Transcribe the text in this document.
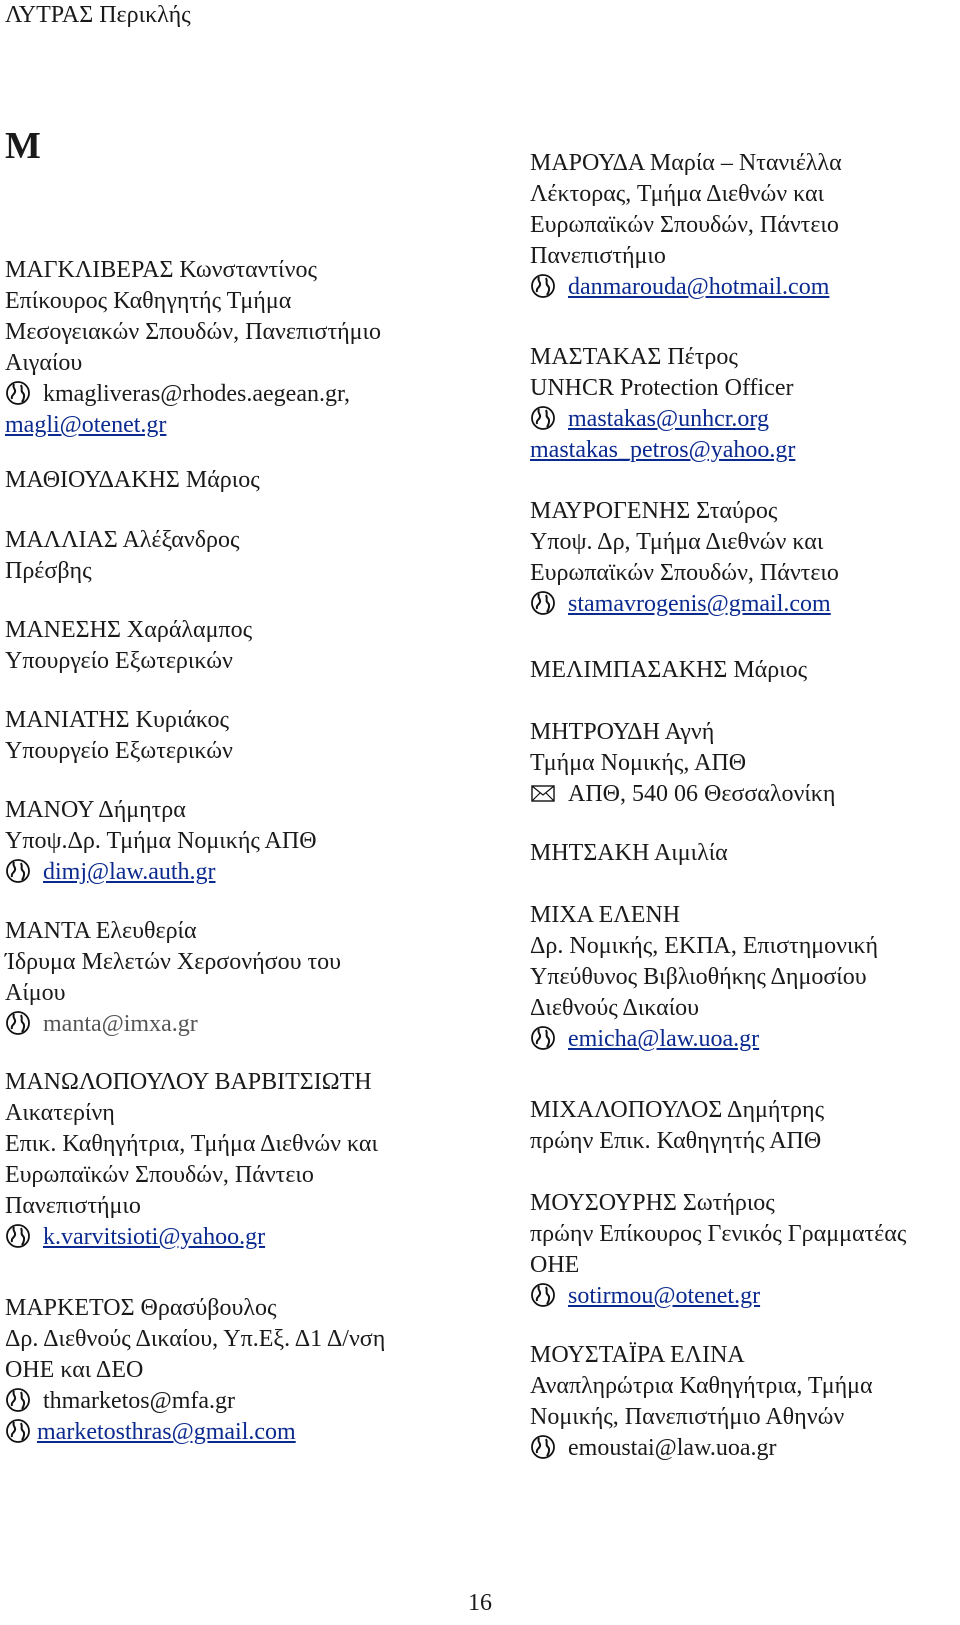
ΛΥΤΡΑΣ Περικλής
M
ΜΑΓΚΛΙΒΕΡΑΣ Κωνσταντίνος
Επίκουρος Καθηγητής Τμήμα
Μεσογειακών Σπουδών, Πανεπιστήμιο
Αιγαίου
kmagliveras@rhodes.aegean.gr,
magli@otenet.gr
ΜΑΘΙΟΥΔΑΚΗΣ Μάριος
ΜΑΛΛΙΑΣ Αλέξανδρος
Πρέσβης
ΜΑΝΕΣΗΣ Χαράλαμπος
Υπουργείο Εξωτερικών
ΜΑΝΙΑΤΗΣ Κυριάκος
Υπουργείο Εξωτερικών
ΜΑΝΟΥ Δήμητρα
Υποψ.Δρ. Τμήμα Νομικής ΑΠΘ
dimj@law.auth.gr
ΜΑΝΤΑ Ελευθερία
Ίδρυμα Μελετών Χερσονήσου του
Αίμου
manta@imxa.gr
ΜΑΝΩΛΟΠΟΥΛΟΥ ΒΑΡΒΙΤΣΙΩΤΗ
Αικατερίνη
Επικ. Καθηγήτρια, Τμήμα Διεθνών και
Ευρωπαϊκών Σπουδών, Πάντειο
Πανεπιστήμιο
k.varvitsioti@yahoo.gr
ΜΑΡΚΕΤΟΣ Θρασύβουλος
Δρ. Διεθνούς Δικαίου, Υπ.Εξ. Δ1 Δ/νση
ΟΗΕ και ΔΕΟ
thmarketos@mfa.gr
marketosthras@gmail.com
ΜΑΡΟΥΔΑ Μαρία – Ντανιέλλα
Λέκτορας, Τμήμα Διεθνών και
Ευρωπαϊκών Σπουδών, Πάντειο
Πανεπιστήμιο
danmarouda@hotmail.com
ΜΑΣΤΑΚΑΣ Πέτρος
UNHCR Protection Officer
mastakas@unhcr.org
mastakas_petros@yahoo.gr
ΜΑΥΡΟΓΕΝΗΣ Σταύρος
Υποψ. Δρ, Τμήμα Διεθνών και
Ευρωπαϊκών Σπουδών, Πάντειο
stamavrogenis@gmail.com
ΜΕΛΙΜΠΑΣΑΚΗΣ Μάριος
ΜΗΤΡΟΥΔΗ Αγνή
Τμήμα Νομικής, ΑΠΘ
ΑΠΘ, 540 06 Θεσσαλονίκη
ΜΗΤΣΑΚΗ Αιμιλία
ΜΙΧΑ ΕΛΕΝΗ
Δρ. Νομικής, ΕΚΠΑ, Επιστημονική
Υπεύθυνος Βιβλιοθήκης Δημοσίου
Διεθνούς Δικαίου
emicha@law.uoa.gr
ΜΙΧΑΛΟΠΟΥΛΟΣ Δημήτρης
πρώην Επικ. Καθηγητής ΑΠΘ
ΜΟΥΣΟΥΡΗΣ Σωτήριος
πρώην Επίκουρος Γενικός Γραμματέας
ΟΗΕ
sotirmou@otenet.gr
ΜΟΥΣΤΑΪΡΑ ΕΛΙΝΑ
Αναπληρώτρια Καθηγήτρια, Τμήμα
Νομικής, Πανεπιστήμιο Αθηνών
emoustai@law.uoa.gr
16
